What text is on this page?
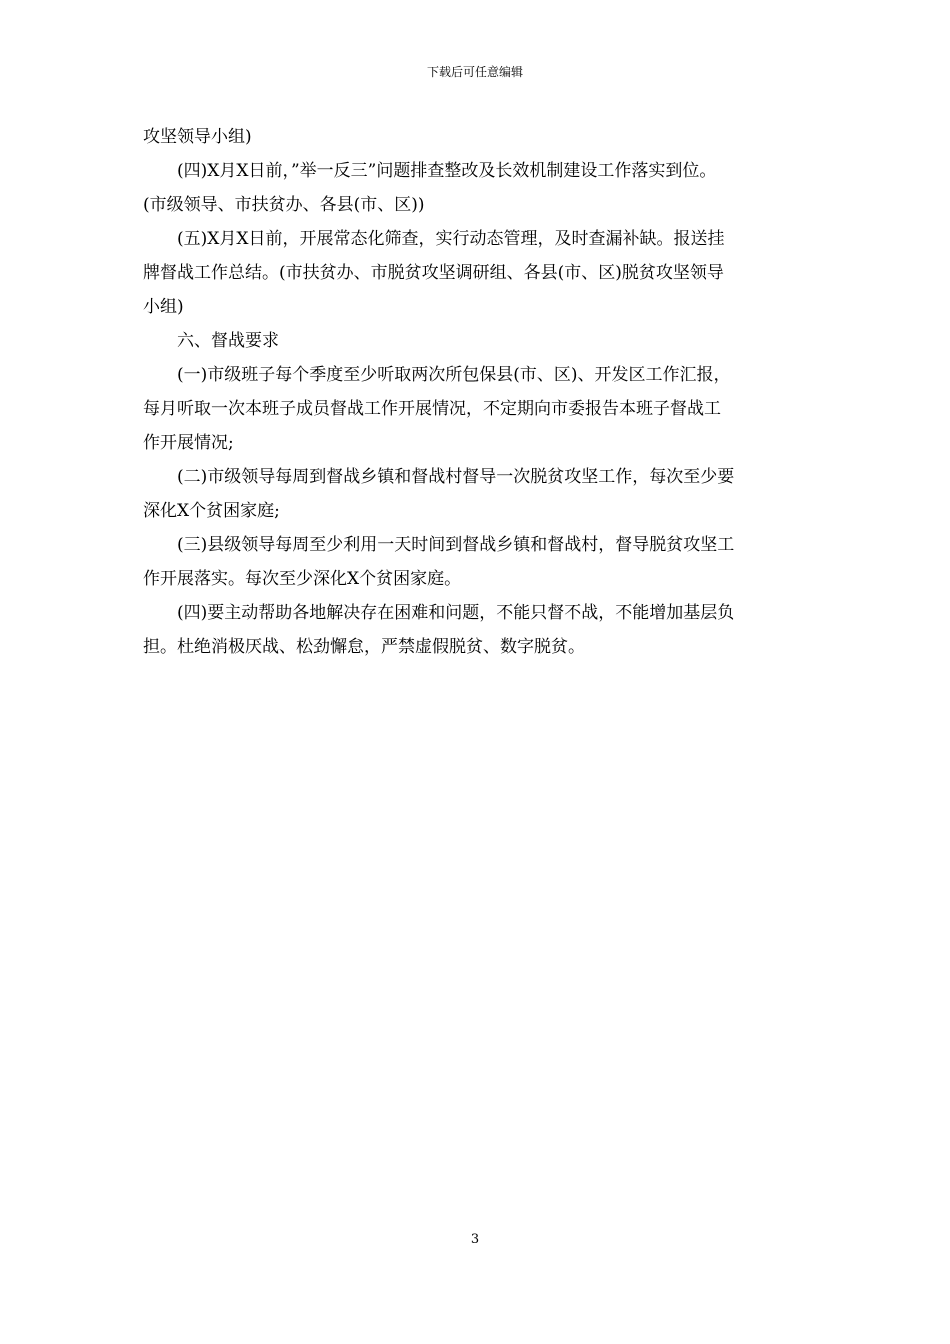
下载后可任意编辑
攻坚领导小组)
(四)X月X日前，”举一反三”问题排查整改及长效机制建设工作落实到位。
(市级领导、市扶贫办、各县(市、区))
(五)X月X日前，开展常态化筛查，实行动态管理，及时查漏补缺。报送挂
牌督战工作总结。(市扶贫办、市脱贫攻坚调研组、各县(市、区)脱贫攻坚领导
小组)
六、督战要求
(一)市级班子每个季度至少听取两次所包保县(市、区)、开发区工作汇报，
每月听取一次本班子成员督战工作开展情况，不定期向市委报告本班子督战工
作开展情况;
(二)市级领导每周到督战乡镇和督战村督导一次脱贫攻坚工作，每次至少要
深化X个贫困家庭;
(三)县级领导每周至少利用一天时间到督战乡镇和督战村，督导脱贫攻坚工
作开展落实。每次至少深化X个贫困家庭。
(四)要主动帮助各地解决存在困难和问题，不能只督不战，不能增加基层负
担。杜绝消极厌战、松劲懈怠，严禁虚假脱贫、数字脱贫。
3
